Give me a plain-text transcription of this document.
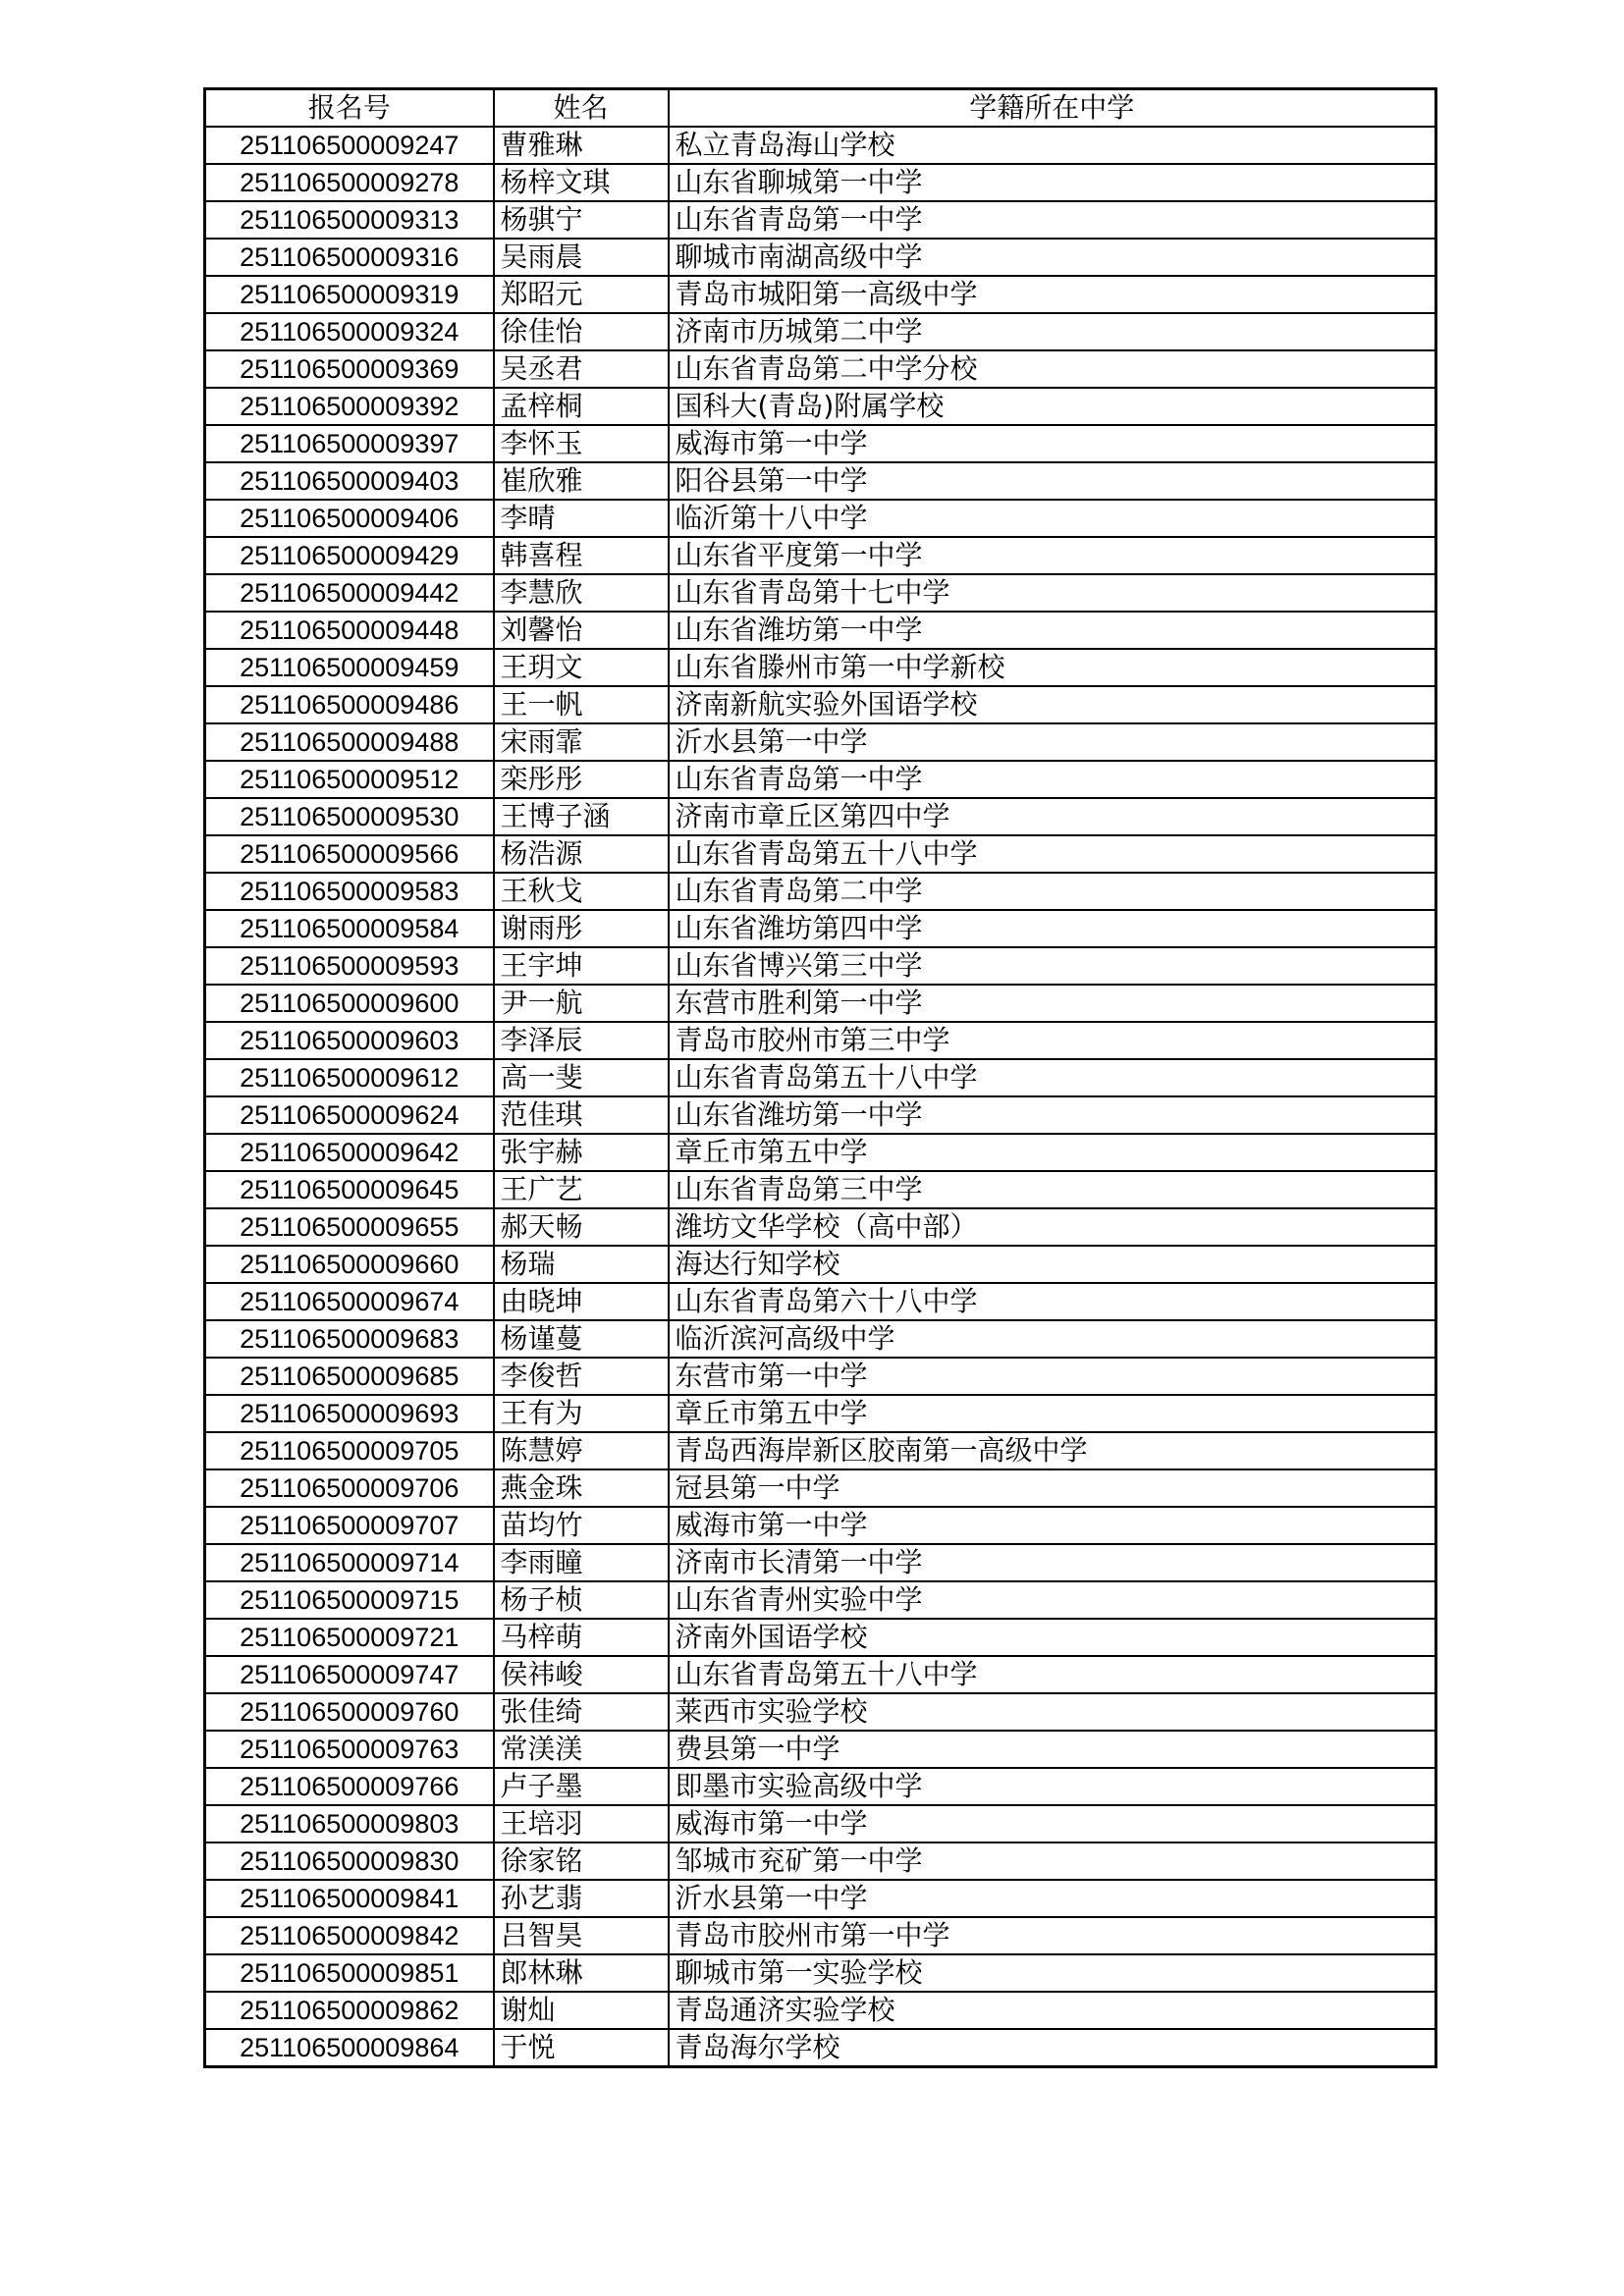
报名号	姓名	学籍所在中学
251106500009247	曹雅琳	私立青岛海山学校
251106500009278	杨梓文琪	山东省聊城第一中学
251106500009313	杨骐宁	山东省青岛第一中学
251106500009316	吴雨晨	聊城市南湖高级中学
251106500009319	郑昭元	青岛市城阳第一高级中学
251106500009324	徐佳怡	济南市历城第二中学
251106500009369	吴丞君	山东省青岛第二中学分校
251106500009392	孟梓桐	国科大(青岛)附属学校
251106500009397	李怀玉	威海市第一中学
251106500009403	崔欣雅	阳谷县第一中学
251106500009406	李晴	临沂第十八中学
251106500009429	韩喜程	山东省平度第一中学
251106500009442	李慧欣	山东省青岛第十七中学
251106500009448	刘馨怡	山东省潍坊第一中学
251106500009459	王玥文	山东省滕州市第一中学新校
251106500009486	王一帆	济南新航实验外国语学校
251106500009488	宋雨霏	沂水县第一中学
251106500009512	栾彤彤	山东省青岛第一中学
251106500009530	王博子涵	济南市章丘区第四中学
251106500009566	杨浩源	山东省青岛第五十八中学
251106500009583	王秋戈	山东省青岛第二中学
251106500009584	谢雨彤	山东省潍坊第四中学
251106500009593	王宇坤	山东省博兴第三中学
251106500009600	尹一航	东营市胜利第一中学
251106500009603	李泽辰	青岛市胶州市第三中学
251106500009612	高一斐	山东省青岛第五十八中学
251106500009624	范佳琪	山东省潍坊第一中学
251106500009642	张宇赫	章丘市第五中学
251106500009645	王广艺	山东省青岛第三中学
251106500009655	郝天畅	潍坊文华学校（高中部）
251106500009660	杨瑞	海达行知学校
251106500009674	由晓坤	山东省青岛第六十八中学
251106500009683	杨谨蔓	临沂滨河高级中学
251106500009685	李俊哲	东营市第一中学
251106500009693	王有为	章丘市第五中学
251106500009705	陈慧婷	青岛西海岸新区胶南第一高级中学
251106500009706	燕金珠	冠县第一中学
251106500009707	苗均竹	威海市第一中学
251106500009714	李雨瞳	济南市长清第一中学
251106500009715	杨子桢	山东省青州实验中学
251106500009721	马梓萌	济南外国语学校
251106500009747	侯祎峻	山东省青岛第五十八中学
251106500009760	张佳绮	莱西市实验学校
251106500009763	常渼渼	费县第一中学
251106500009766	卢子墨	即墨市实验高级中学
251106500009803	王培羽	威海市第一中学
251106500009830	徐家铭	邹城市兖矿第一中学
251106500009841	孙艺翡	沂水县第一中学
251106500009842	吕智昊	青岛市胶州市第一中学
251106500009851	郎林琳	聊城市第一实验学校
251106500009862	谢灿	青岛通济实验学校
251106500009864	于悦	青岛海尔学校
